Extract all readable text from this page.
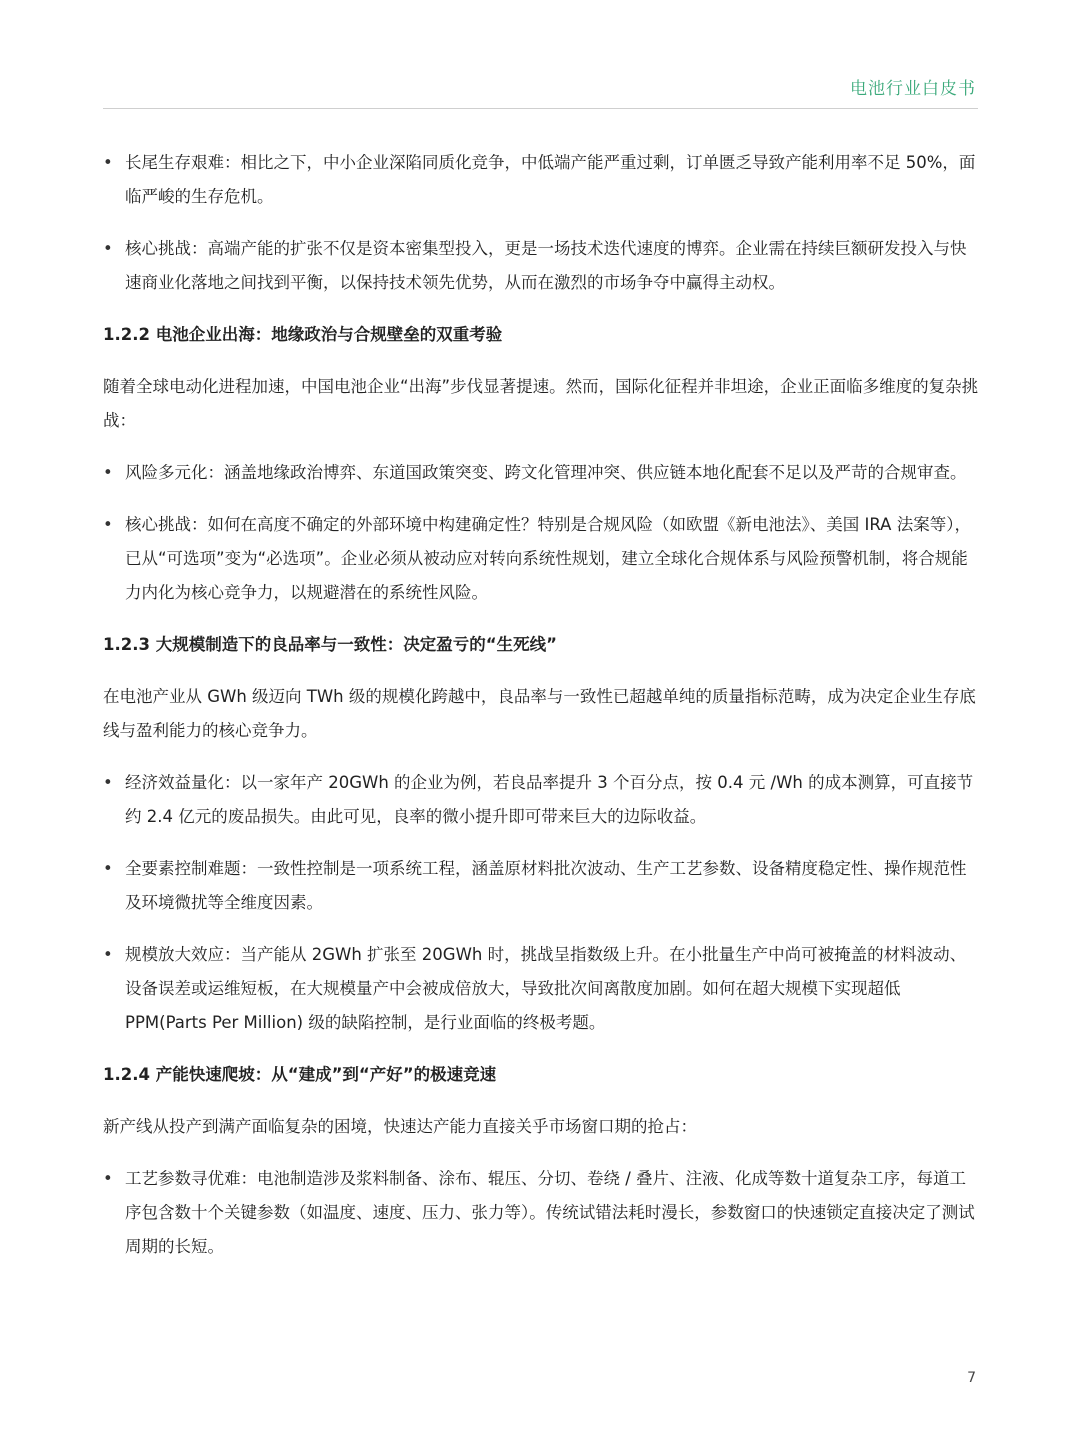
电池行业白皮书
• 长尾生存艰难：相比之下，中小企业深陷同质化竞争，中低端产能严重过剩，订单匮乏导致产能利用率不足 50%，面临严峻的生存危机。
• 核心挑战：高端产能的扩张不仅是资本密集型投入，更是一场技术迭代速度的博弈。企业需在持续巨额研发投入与快速商业化落地之间找到平衡，以保持技术领先优势，从而在激烈的市场争夺中赢得主动权。
1.2.2 电池企业出海：地缘政治与合规壁垒的双重考验
随着全球电动化进程加速，中国电池企业“出海”步伐显著提速。然而，国际化征程并非坦途，企业正面临多维度的复杂挑战：
• 风险多元化：涵盖地缘政治博弈、东道国政策突变、跨文化管理冲突、供应链本地化配套不足以及严苛的合规审查。
• 核心挑战：如何在高度不确定的外部环境中构建确定性？特别是合规风险（如欧盟《新电池法》、美国 IRA 法案等），已从“可选项”变为“必选项”。企业必须从被动应对转向系统性规划，建立全球化合规体系与风险预警机制，将合规能力内化为核心竞争力，以规避潜在的系统性风险。
1.2.3 大规模制造下的良品率与一致性：决定盈亏的“生死线”
在电池产业从 GWh 级迈向 TWh 级的规模化跨越中，良品率与一致性已超越单纯的质量指标范畴，成为决定企业生存底线与盈利能力的核心竞争力。
• 经济效益量化：以一家年产 20GWh 的企业为例，若良品率提升 3 个百分点，按 0.4 元 /Wh 的成本测算，可直接节约 2.4 亿元的废品损失。由此可见，良率的微小提升即可带来巨大的边际收益。
• 全要素控制难题：一致性控制是一项系统工程，涵盖原材料批次波动、生产工艺参数、设备精度稳定性、操作规范性及环境微扰等全维度因素。
• 规模放大效应：当产能从 2GWh 扩张至 20GWh 时，挑战呈指数级上升。在小批量生产中尚可被掩盖的材料波动、设备误差或运维短板，在大规模量产中会被成倍放大，导致批次间离散度加剧。如何在超大规模下实现超低 PPM(Parts Per Million) 级的缺陷控制，是行业面临的终极考题。
1.2.4 产能快速爬坡：从“建成”到“产好”的极速竞速
新产线从投产到满产面临复杂的困境，快速达产能力直接关乎市场窗口期的抢占：
• 工艺参数寻优难：电池制造涉及浆料制备、涂布、辊压、分切、卷绕 / 叠片、注液、化成等数十道复杂工序，每道工序包含数十个关键参数（如温度、速度、压力、张力等）。传统试错法耗时漫长，参数窗口的快速锁定直接决定了测试周期的长短。
7
